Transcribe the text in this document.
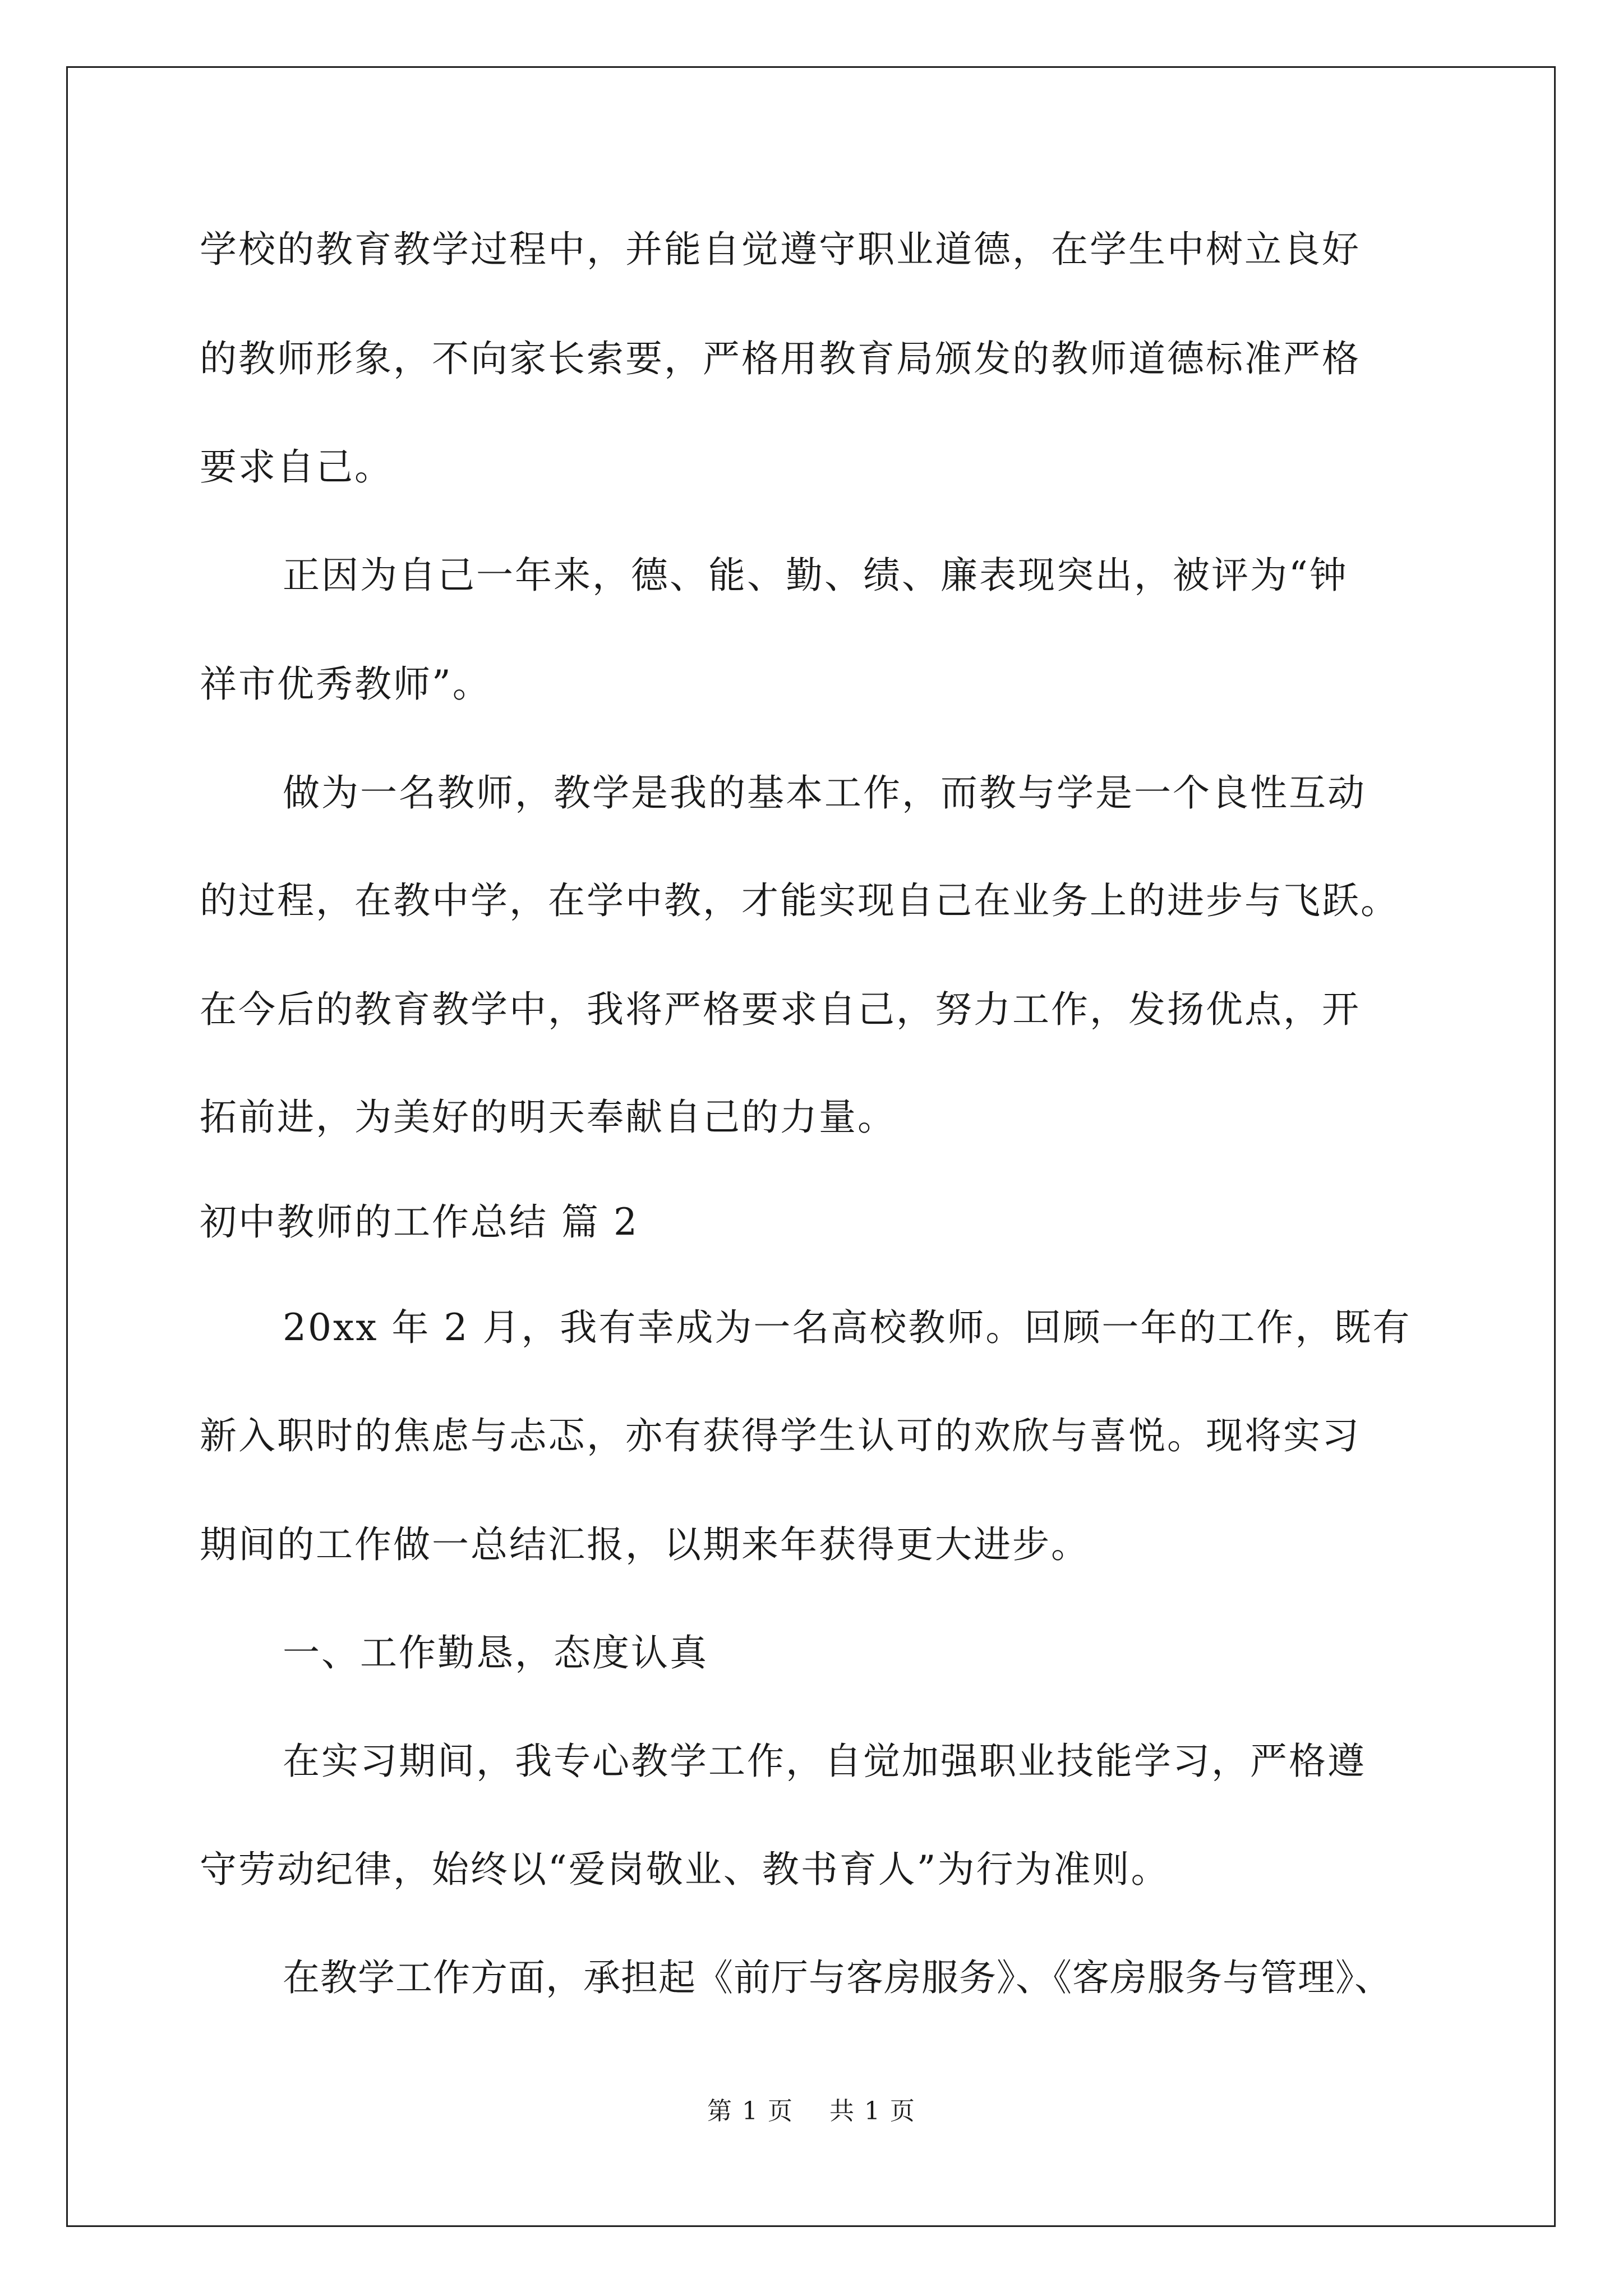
学校的教育教学过程中，并能自觉遵守职业道德，在学生中树立良好
的教师形象，不向家长索要，严格用教育局颁发的教师道德标准严格
要求自己。
正因为自己一年来，德、能、勤、绩、廉表现突出，被评为“钟
祥市优秀教师”。
做为一名教师，教学是我的基本工作，而教与学是一个良性互动
的过程，在教中学，在学中教，才能实现自己在业务上的进步与飞跃。
在今后的教育教学中，我将严格要求自己，努力工作，发扬优点，开
拓前进，为美好的明天奉献自己的力量。
初中教师的工作总结 篇 2
20xx 年 2 月，我有幸成为一名高校教师。回顾一年的工作，既有
新入职时的焦虑与忐忑，亦有获得学生认可的欢欣与喜悦。现将实习
期间的工作做一总结汇报，以期来年获得更大进步。
一、工作勤恳，态度认真
在实习期间，我专心教学工作，自觉加强职业技能学习，严格遵
守劳动纪律，始终以“爱岗敬业、教书育人”为行为准则。
在教学工作方面，承担起《前厅与客房服务》、《客房服务与管理》、
第 1 页    共 1 页
